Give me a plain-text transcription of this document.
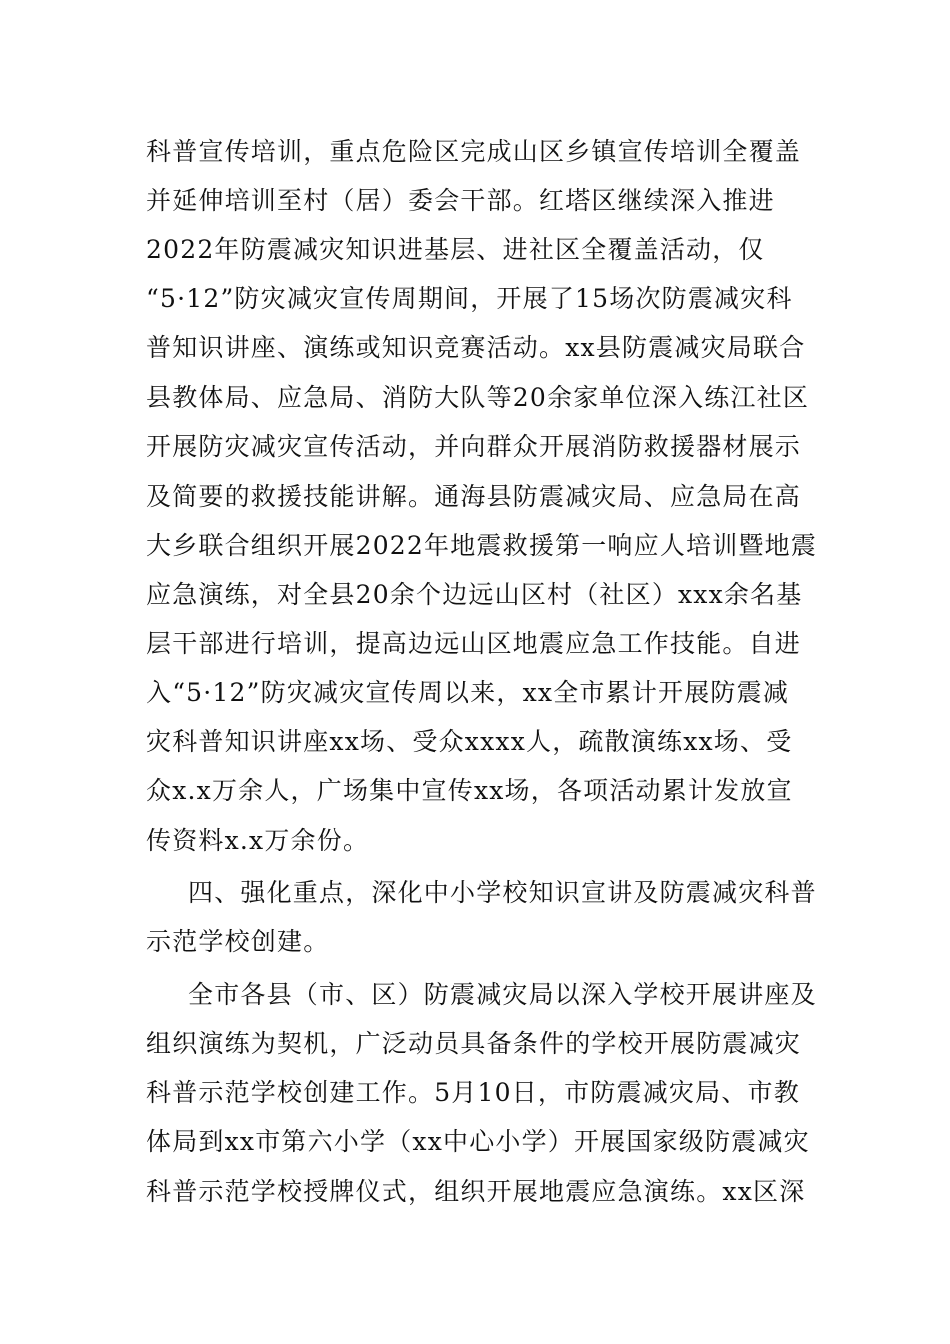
科普宣传培训，重点危险区完成山区乡镇宣传培训全覆盖
并延伸培训至村（居）委会干部。红塔区继续深入推进
2022年防震减灾知识进基层、进社区全覆盖活动，仅
“5·12”防灾减灾宣传周期间，开展了15场次防震减灾科
普知识讲座、演练或知识竞赛活动。xx县防震减灾局联合
县教体局、应急局、消防大队等20余家单位深入练江社区
开展防灾减灾宣传活动，并向群众开展消防救援器材展示
及简要的救援技能讲解。通海县防震减灾局、应急局在高
大乡联合组织开展2022年地震救援第一响应人培训暨地震
应急演练，对全县20余个边远山区村（社区）xxx余名基
层干部进行培训，提高边远山区地震应急工作技能。自进
入“5·12”防灾减灾宣传周以来，xx全市累计开展防震减
灾科普知识讲座xx场、受众xxxx人，疏散演练xx场、受
众x.x万余人，广场集中宣传xx场，各项活动累计发放宣
传资料x.x万余份。
四、强化重点，深化中小学校知识宣讲及防震减灾科普
示范学校创建。
全市各县（市、区）防震减灾局以深入学校开展讲座及
组织演练为契机，广泛动员具备条件的学校开展防震减灾
科普示范学校创建工作。5月10日，市防震减灾局、市教
体局到xx市第六小学（xx中心小学）开展国家级防震减灾
科普示范学校授牌仪式，组织开展地震应急演练。xx区深
